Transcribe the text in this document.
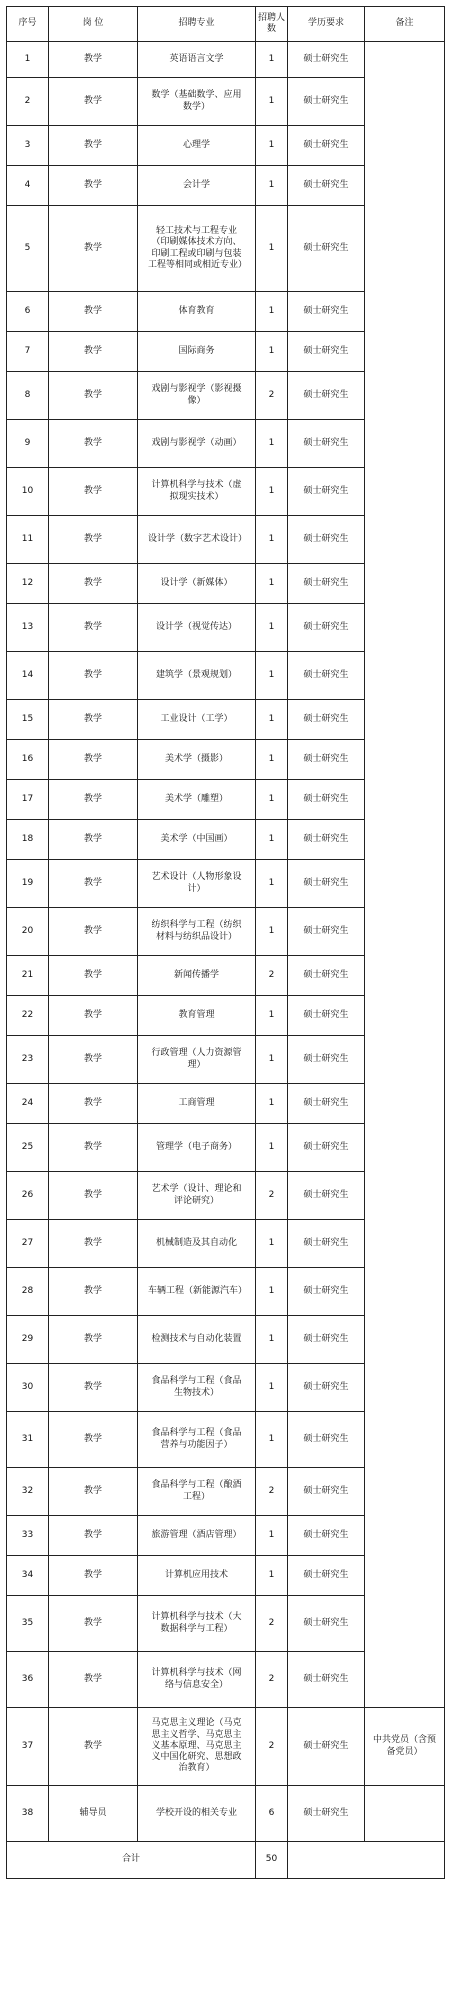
序号	岗 位	招聘专业	招聘人数	学历要求	备注
1	教学	英语语言文学	1	硕士研究生	
2	教学	数学（基础数学、应用数学）	1	硕士研究生	
3	教学	心理学	1	硕士研究生	
4	教学	会计学	1	硕士研究生	
5	教学	轻工技术与工程专业（印刷媒体技术方向、印刷工程或印刷与包装工程等相同或相近专业）	1	硕士研究生	
6	教学	体育教育	1	硕士研究生	
7	教学	国际商务	1	硕士研究生	
8	教学	戏剧与影视学（影视摄像）	2	硕士研究生	
9	教学	戏剧与影视学（动画）	1	硕士研究生	
10	教学	计算机科学与技术（虚拟现实技术）	1	硕士研究生	
11	教学	设计学（数字艺术设计）	1	硕士研究生	
12	教学	设计学（新媒体）	1	硕士研究生	
13	教学	设计学（视觉传达）	1	硕士研究生	
14	教学	建筑学（景观规划）	1	硕士研究生	
15	教学	工业设计（工学）	1	硕士研究生	
16	教学	美术学（摄影）	1	硕士研究生	
17	教学	美术学（雕塑）	1	硕士研究生	
18	教学	美术学（中国画）	1	硕士研究生	
19	教学	艺术设计（人物形象设计）	1	硕士研究生	
20	教学	纺织科学与工程（纺织材料与纺织品设计）	1	硕士研究生	
21	教学	新闻传播学	2	硕士研究生	
22	教学	教育管理	1	硕士研究生	
23	教学	行政管理（人力资源管理）	1	硕士研究生	
24	教学	工商管理	1	硕士研究生	
25	教学	管理学（电子商务）	1	硕士研究生	
26	教学	艺术学（设计、理论和评论研究）	2	硕士研究生	
27	教学	机械制造及其自动化	1	硕士研究生	
28	教学	车辆工程（新能源汽车）	1	硕士研究生	
29	教学	检测技术与自动化装置	1	硕士研究生	
30	教学	食品科学与工程（食品生物技术）	1	硕士研究生	
31	教学	食品科学与工程（食品营养与功能因子）	1	硕士研究生	
32	教学	食品科学与工程（酿酒工程）	2	硕士研究生	
33	教学	旅游管理（酒店管理）	1	硕士研究生	
34	教学	计算机应用技术	1	硕士研究生	
35	教学	计算机科学与技术（大数据科学与工程）	2	硕士研究生	
36	教学	计算机科学与技术（网络与信息安全）	2	硕士研究生	
37	教学	马克思主义理论（马克思主义哲学、马克思主义基本原理、马克思主义中国化研究、思想政治教育）	2	硕士研究生	中共党员（含预备党员）
38	辅导员	学校开设的相关专业	6	硕士研究生	
合计			50		
